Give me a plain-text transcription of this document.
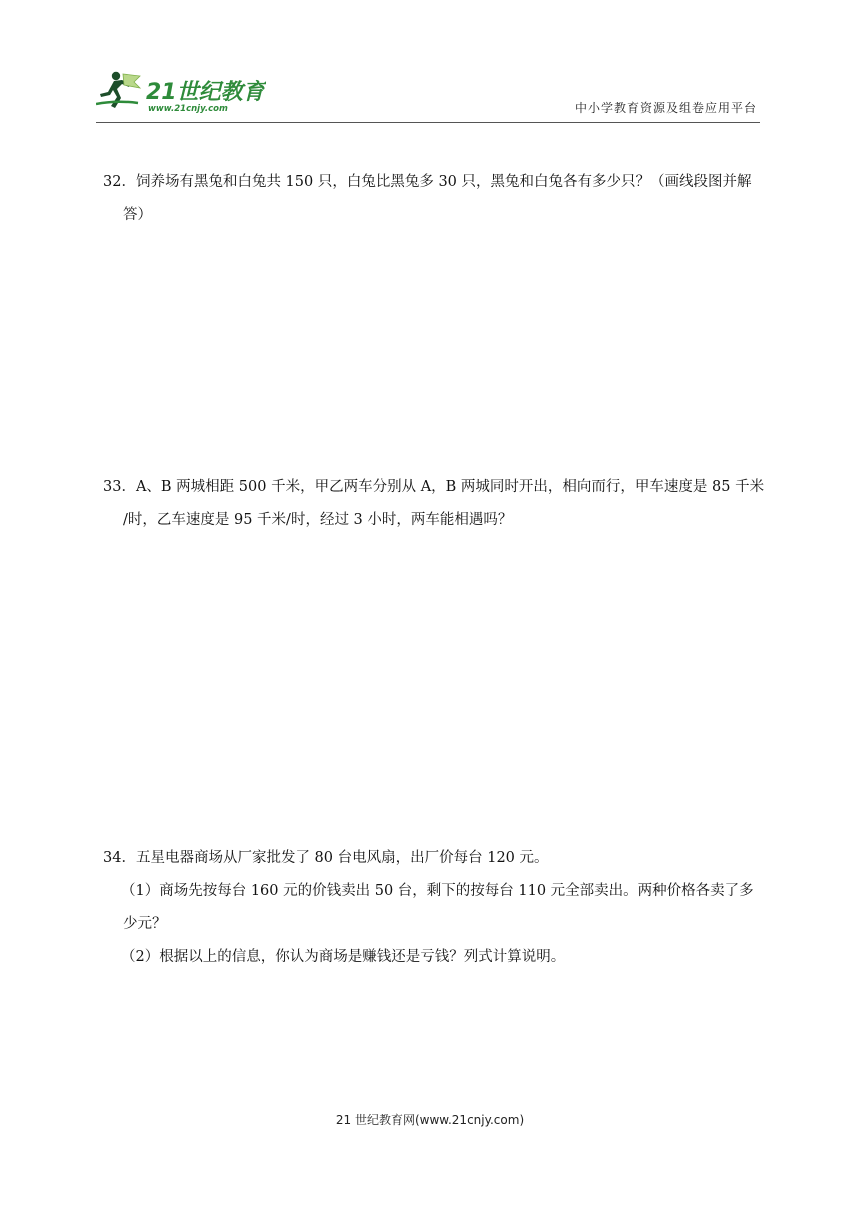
21世纪教育
www.21cnjy.com	中小学教育资源及组卷应用平台
32．饲养场有黑兔和白兔共 150 只，白兔比黑兔多 30 只，黑兔和白兔各有多少只？（画线段图并解
答）
33．A、B 两城相距 500 千米，甲乙两车分别从 A，B 两城同时开出，相向而行，甲车速度是 85 千米
/时，乙车速度是 95 千米/时，经过 3 小时，两车能相遇吗？
34．五星电器商场从厂家批发了 80 台电风扇，出厂价每台 120 元。
（1）商场先按每台 160 元的价钱卖出 50 台，剩下的按每台 110 元全部卖出。两种价格各卖了多
少元？
（2）根据以上的信息，你认为商场是赚钱还是亏钱？列式计算说明。
21 世纪教育网(www.21cnjy.com)
